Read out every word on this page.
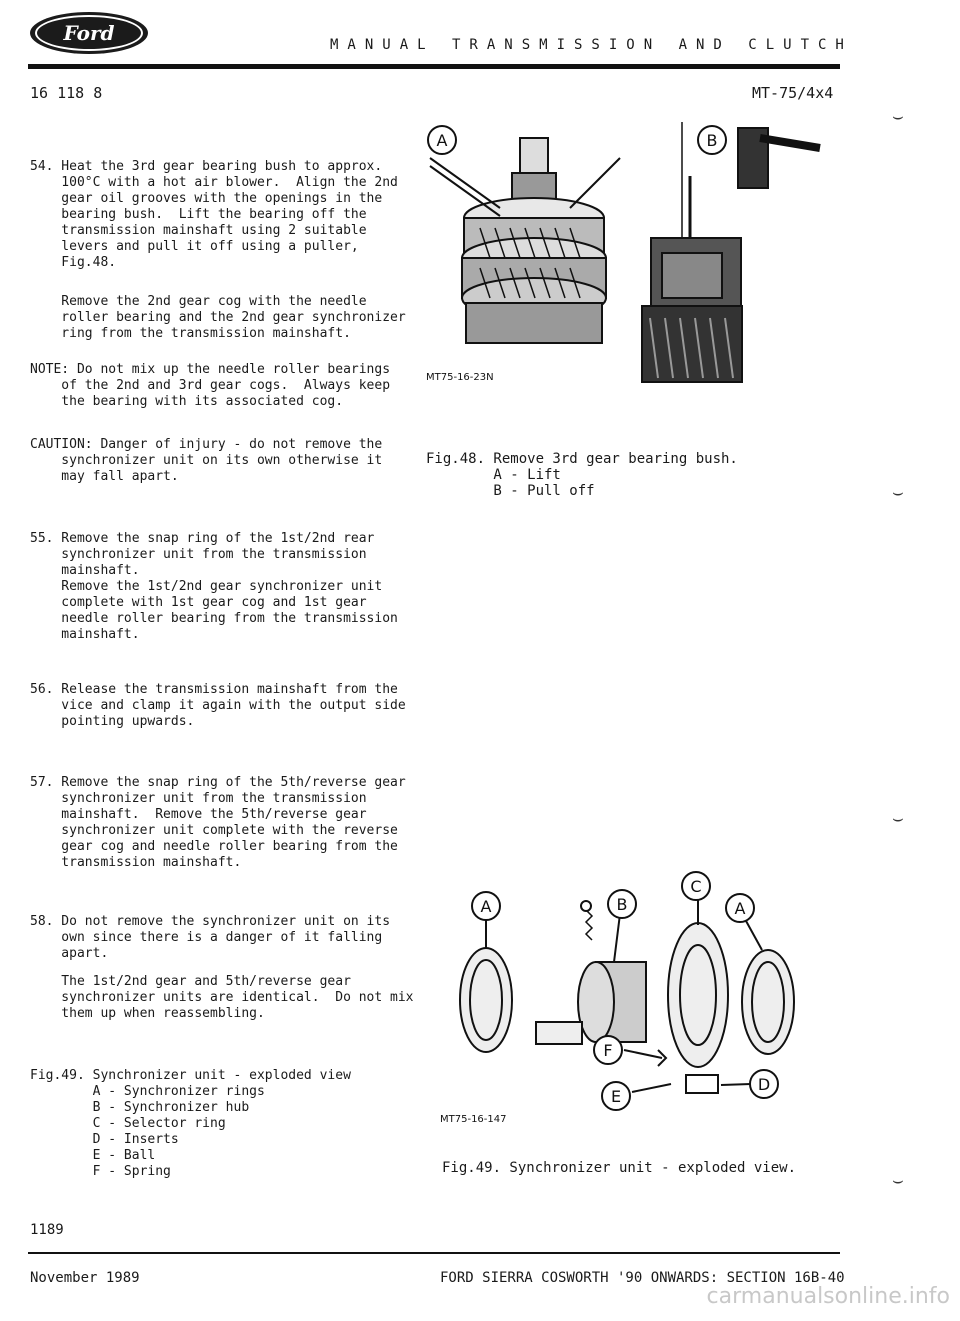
Ford	MANUAL TRANSMISSION AND CLUTCH
16 118 8	MT-75/4x4

54. Heat the 3rd gear bearing bush to approx.
100°C with a hot air blower.  Align the 2nd
gear oil grooves with the openings in the
bearing bush.  Lift the bearing off the
transmission mainshaft using 2 suitable
levers and pull it off using a puller,
Fig.48.

Remove the 2nd gear cog with the needle
roller bearing and the 2nd gear synchronizer
ring from the transmission mainshaft.

NOTE: Do not mix up the needle roller bearings
of the 2nd and 3rd gear cogs.  Always keep
the bearing with its associated cog.

CAUTION: Danger of injury - do not remove the
synchronizer unit on its own otherwise it
may fall apart.

55. Remove the snap ring of the 1st/2nd rear
synchronizer unit from the transmission
mainshaft.
Remove the 1st/2nd gear synchronizer unit
complete with 1st gear cog and 1st gear
needle roller bearing from the transmission
mainshaft.

56. Release the transmission mainshaft from the
vice and clamp it again with the output side
pointing upwards.

57. Remove the snap ring of the 5th/reverse gear
synchronizer unit from the transmission
mainshaft.  Remove the 5th/reverse gear
synchronizer unit complete with the reverse
gear cog and needle roller bearing from the
transmission mainshaft.

58. Do not remove the synchronizer unit on its
own since there is a danger of it falling
apart.

The 1st/2nd gear and 5th/reverse gear
synchronizer units are identical.  Do not mix
them up when reassembling.

Fig.49. Synchronizer unit - exploded view
A - Synchronizer rings
B - Synchronizer hub
C - Selector ring
D - Inserts
E - Ball
F - Spring

A
MT75-16-23N
B

Fig.48. Remove 3rd gear bearing bush.
A - Lift
B - Pull off

A	B
C
A
F
E
D
MT75-16-147
Fig.49. Synchronizer unit - exploded view.
⌣
⌣
⌣
⌣
1189
November 1989	FORD SIERRA COSWORTH '90 ONWARDS: SECTION 16B-40
carmanualsonline.info
